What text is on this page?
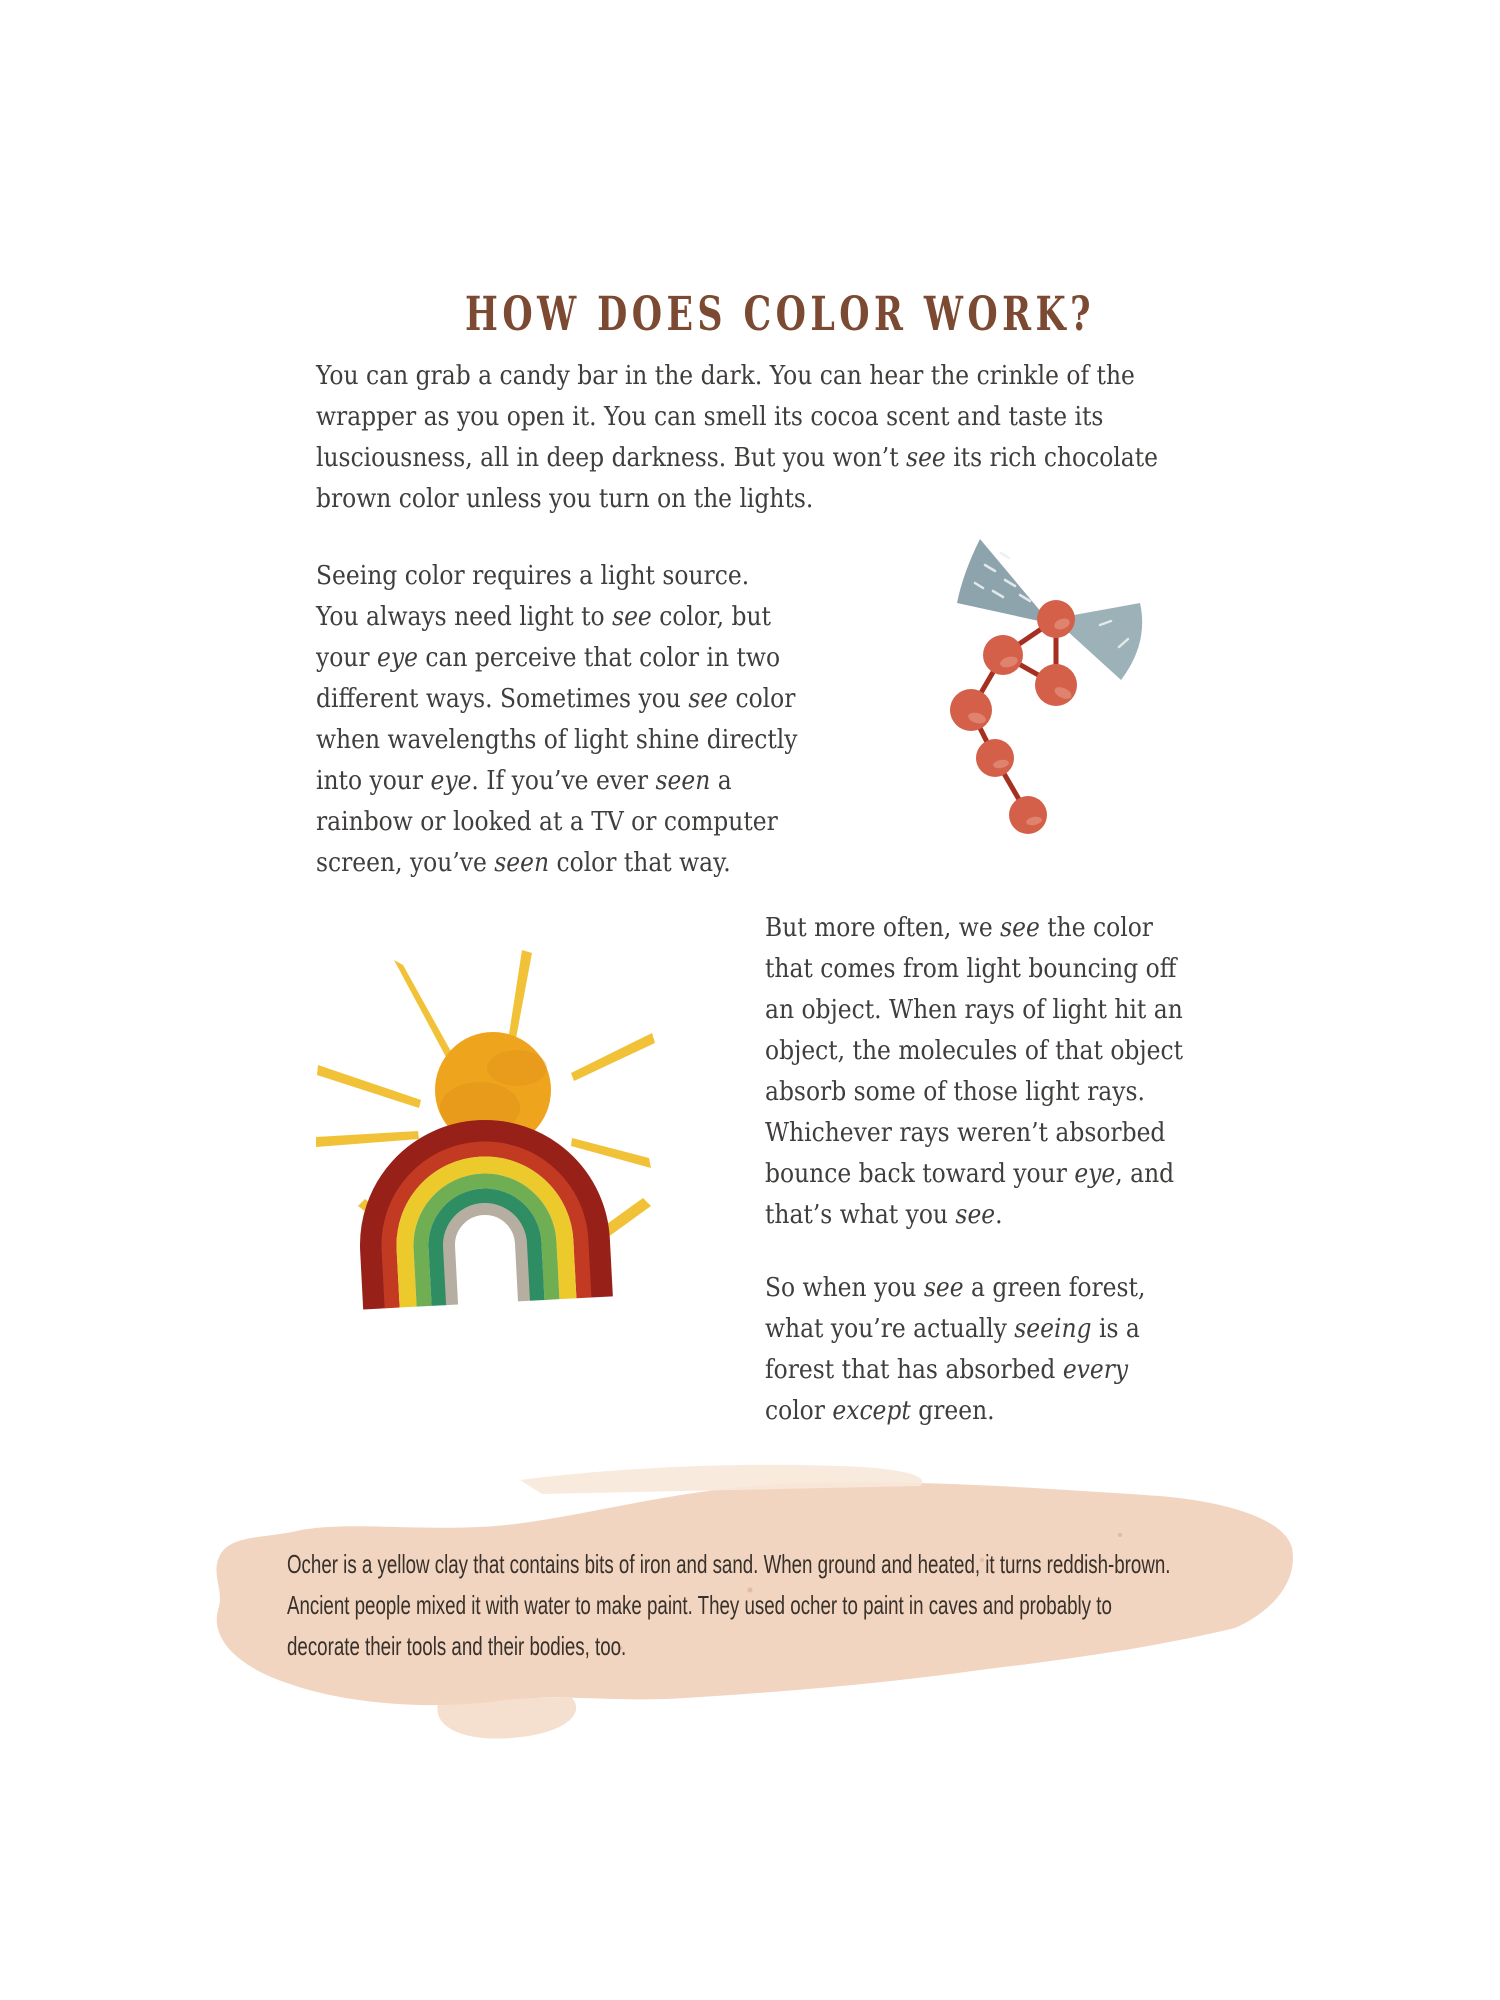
HOW DOES COLOR WORK?
You can grab a candy bar in the dark. You can hear the crinkle of the
wrapper as you open it. You can smell its cocoa scent and taste its
lusciousness, all in deep darkness. But you won’t see its rich chocolate
brown color unless you turn on the lights.
Seeing color requires a light source.
You always need light to see color, but
your eye can perceive that color in two
different ways. Sometimes you see color
when wavelengths of light shine directly
into your eye. If you’ve ever seen a
rainbow or looked at a TV or computer
screen, you’ve seen color that way.
But more often, we see the color
that comes from light bouncing off
an object. When rays of light hit an
object, the molecules of that object
absorb some of those light rays.
Whichever rays weren’t absorbed
bounce back toward your eye, and
that’s what you see.
So when you see a green forest,
what you’re actually seeing is a
forest that has absorbed every
color except green.
Ocher is a yellow clay that contains bits of iron and sand. When ground and heated, it turns reddish-brown.
Ancient people mixed it with water to make paint. They used ocher to paint in caves and probably to
decorate their tools and their bodies, too.
